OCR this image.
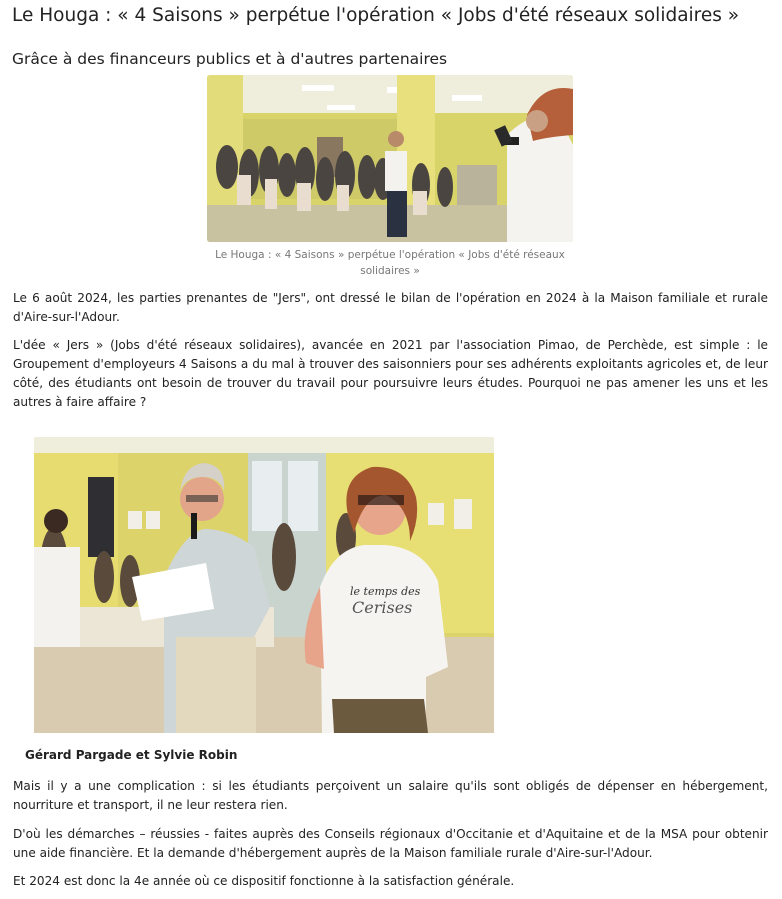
Le Houga : « 4 Saisons » perpétue l'opération « Jobs d'été réseaux solidaires »
Grâce à des financeurs publics et à d'autres partenaires
Le Houga : « 4 Saisons » perpétue l'opération « Jobs d'été réseaux solidaires »

Le 6 août 2024, les parties prenantes de "Jers", ont dressé le bilan de l'opération en 2024 à la Maison familiale et rurale d'Aire-sur-l'Adour.

L'dée « Jers » (Jobs d'été réseaux solidaires), avancée en 2021 par l'association Pimao, de Perchède, est simple : le Groupement d'employeurs 4 Saisons a du mal à trouver des saisonniers pour ses adhérents exploitants agricoles et, de leur côté, des étudiants ont besoin de trouver du travail pour poursuivre leurs études. Pourquoi ne pas amener les uns et les autres à faire affaire ?

le temps des
Cerises
Gérard Pargade et Sylvie Robin

Mais il y a une complication : si les étudiants perçoivent un salaire qu'ils sont obligés de dépenser en hébergement, nourriture et transport, il ne leur restera rien.

D'où les démarches – réussies - faites auprès des Conseils régionaux d'Occitanie et d'Aquitaine et de la MSA pour obtenir une aide financière. Et la demande d'hébergement auprès de la Maison familiale rurale d'Aire-sur-l'Adour.

Et 2024 est donc la 4e année où ce dispositif fonctionne à la satisfaction générale.
